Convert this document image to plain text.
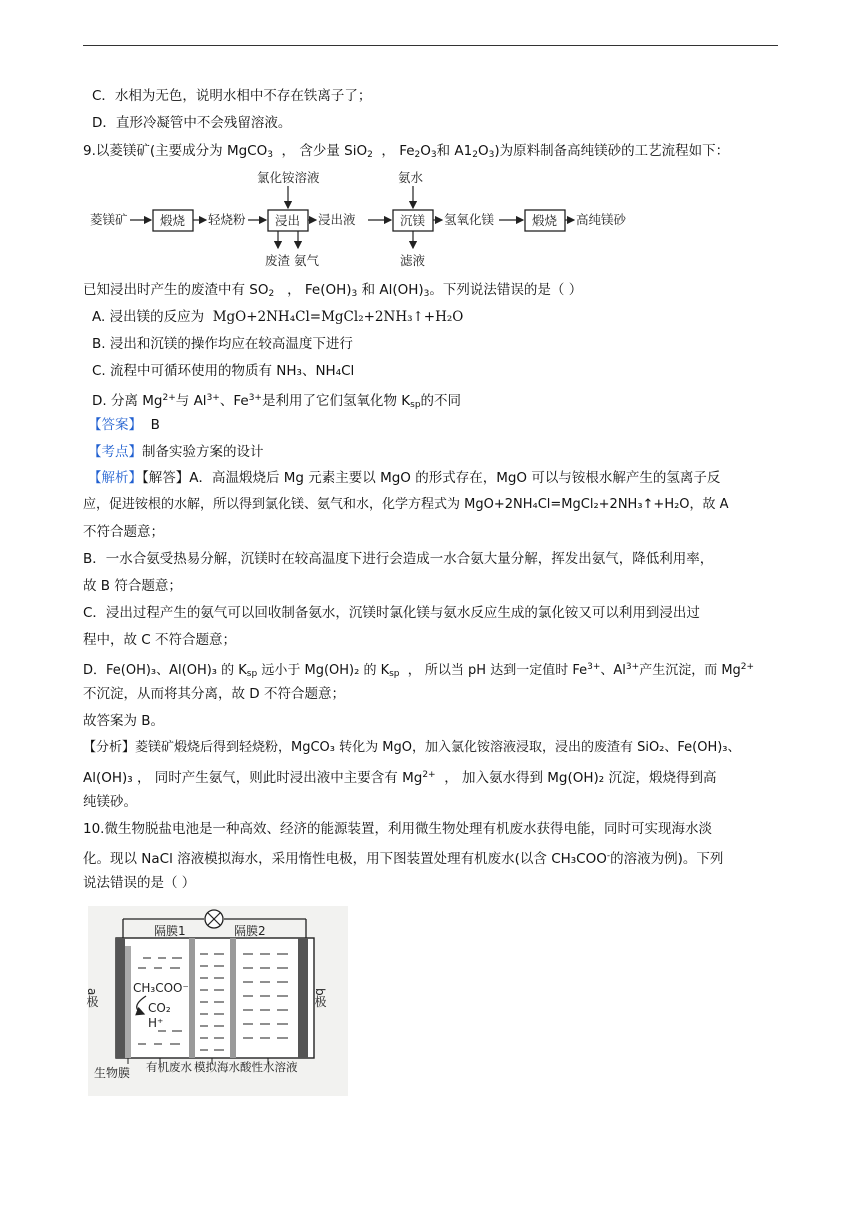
C．水相为无色，说明水相中不存在铁离子了；
D．直形冷凝管中不会残留溶液。
9.以菱镁矿(主要成分为 MgCO$_3$ ， 含少量 SiO$_2$ ， $Fe_2O_3$和 $A1_2O_3$)为原料制备高纯镁砂的工艺流程如下：
菱镁矿	煅烧 轻烧粉 浸出
氯化铵溶液
废渣 氨气
浸出液	沉镁
氨水
滤液
氢氧化镁	煅烧 高纯镁砂
已知浸出时产生的废渣中有 $SO_2$ ， $Fe(OH)_3$ 和 $Al(OH)_3$。下列说法错误的是（ ）
A. 浸出镁的反应为 MgO+2NH₄Cl=MgCl₂+2NH₃↑+H₂O
B. 浸出和沉镁的操作均应在较高温度下进行
C. 流程中可循环使用的物质有 NH₃、NH₄Cl
D. 分离 $Mg^{2+}$与 $Al^{3+}$、$Fe^{3+}$是利用了它们氢氧化物 $K_{sp}$的不同
【答案】 B
【考点】制备实验方案的设计
【解析】【解答】A．高温煅烧后 Mg 元素主要以 MgO 的形式存在，MgO 可以与铵根水解产生的氢离子反
应，促进铵根的水解，所以得到氯化镁、氨气和水，化学方程式为 MgO+2NH₄Cl=MgCl₂+2NH₃↑+H₂O，故 A
不符合题意；
B．一水合氨受热易分解，沉镁时在较高温度下进行会造成一水合氨大量分解，挥发出氨气，降低利用率，
故 B 符合题意；
C．浸出过程产生的氨气可以回收制备氨水，沉镁时氯化镁与氨水反应生成的氯化铵又可以利用到浸出过
程中，故 C 不符合题意；
D．Fe(OH)₃、Al(OH)₃ 的 $K_{sp}$ 远小于 Mg(OH)₂ 的 $K_{sp}$ ， 所以当 pH 达到一定值时 $Fe^{3+}$、$Al^{3+}$产生沉淀，而 $Mg^{2+}$
不沉淀，从而将其分离，故 D 不符合题意；
故答案为 B。
【分析】菱镁矿煅烧后得到轻烧粉，MgCO₃ 转化为 MgO，加入氯化铵溶液浸取，浸出的废渣有 SiO₂、Fe(OH)₃、
Al(OH)₃ ， 同时产生氨气，则此时浸出液中主要含有 $Mg^{2+}$ ， 加入氨水得到 Mg(OH)₂ 沉淀，煅烧得到高
纯镁砂。
10.微生物脱盐电池是一种高效、经济的能源装置，利用微生物处理有机废水获得电能，同时可实现海水淡
化。现以 NaCl 溶液模拟海水，采用惰性电极，用下图装置处理有机废水(以含 CH₃COO-的溶液为例)。下列
说法错误的是（ ）
CH₃COO⁻
CO₂
H⁺
隔膜1	隔膜2
a极	b极
生物膜 有机废水 模拟海水 酸性水溶液
